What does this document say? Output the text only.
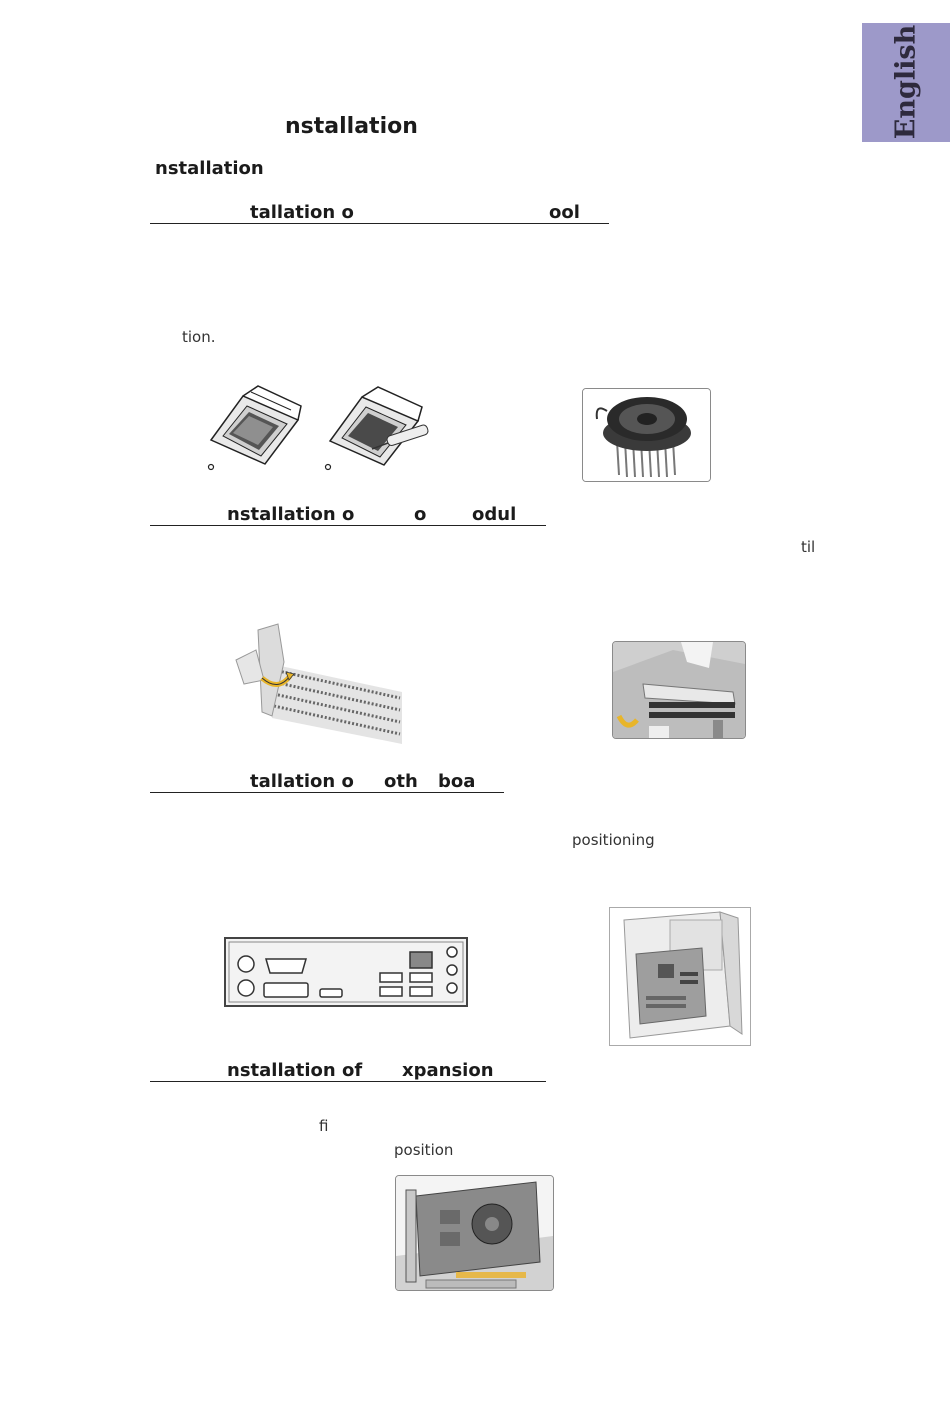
English
nstallation
nstallation
tallation o	ool
tion.
nstallation o	o	odul
til
tallation o oth boa
positioning
nstallation of xpansion
fi
position
